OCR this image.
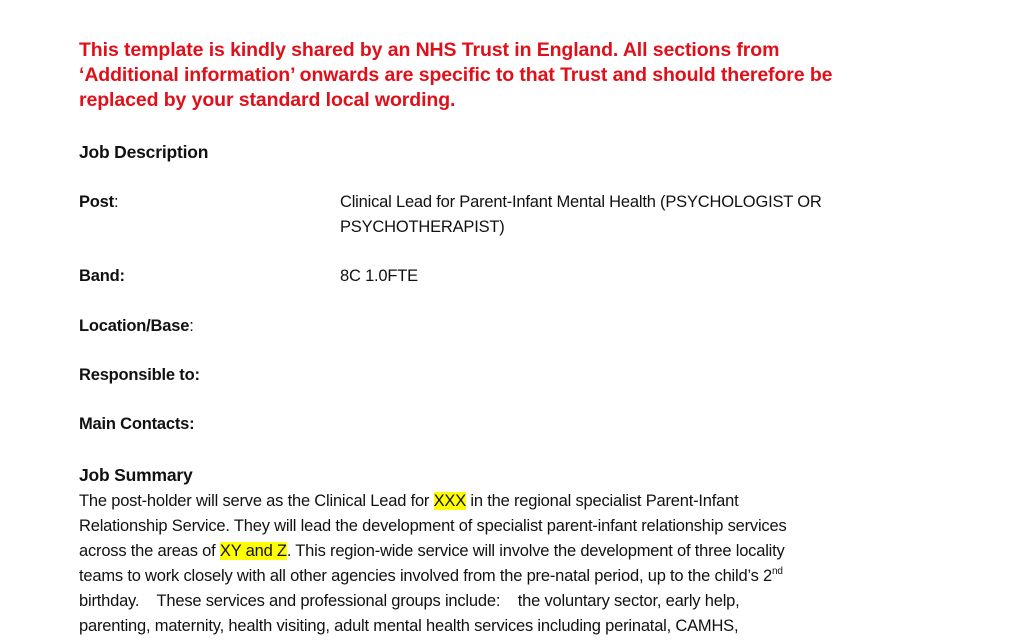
This template is kindly shared by an NHS Trust in England. All sections from
‘Additional information’ onwards are specific to that Trust and should therefore be
replaced by your standard local wording.
Job Description
Post:	Clinical Lead for Parent-Infant Mental Health (PSYCHOLOGIST OR
PSYCHOTHERAPIST)
Band:	8C 1.0FTE
Location/Base:
Responsible to:
Main Contacts:
Job Summary
The post-holder will serve as the Clinical Lead for XXX in the regional specialist Parent-Infant
Relationship Service. They will lead the development of specialist parent-infant relationship services
across the areas of XY and Z. This region-wide service will involve the development of three locality
teams to work closely with all other agencies involved from the pre-natal period, up to the child’s 2nd
birthday.    These services and professional groups include:    the voluntary sector, early help,
parenting, maternity, health visiting, adult mental health services including perinatal, CAMHS,
